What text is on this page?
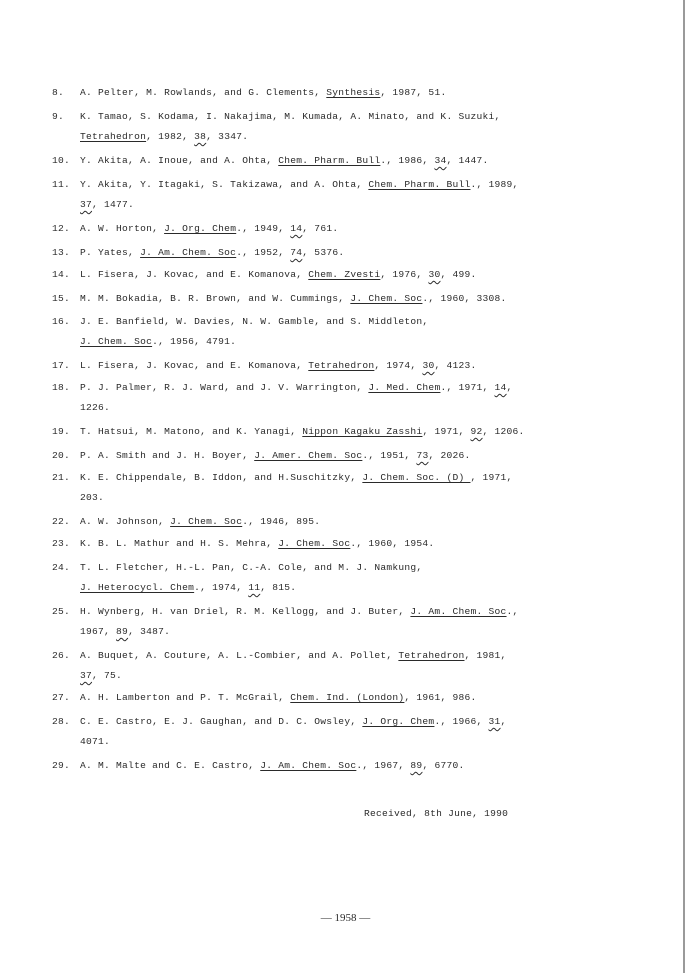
8. A. Pelter, M. Rowlands, and G. Clements, Synthesis, 1987, 51.
9. K. Tamao, S. Kodama, I. Nakajima, M. Kumada, A. Minato, and K. Suzuki,
Tetrahedron, 1982, 38, 3347.
10. Y. Akita, A. Inoue, and A. Ohta, Chem. Pharm. Bull., 1986, 34, 1447.
11. Y. Akita, Y. Itagaki, S. Takizawa, and A. Ohta, Chem. Pharm. Bull., 1989,
37, 1477.
12. A. W. Horton, J. Org. Chem., 1949, 14, 761.
13. P. Yates, J. Am. Chem. Soc., 1952, 74, 5376.
14. L. Fisera, J. Kovac, and E. Komanova, Chem. Zvesti, 1976, 30, 499.
15. M. M. Bokadia, B. R. Brown, and W. Cummings, J. Chem. Soc., 1960, 3308.
16. J. E. Banfield, W. Davies, N. W. Gamble, and S. Middleton,
J. Chem. Soc., 1956, 4791.
17. L. Fisera, J. Kovac, and E. Komanova, Tetrahedron, 1974, 30, 4123.
18. P. J. Palmer, R. J. Ward, and J. V. Warrington, J. Med. Chem., 1971, 14,
1226.
19. T. Hatsui, M. Matono, and K. Yanagi, Nippon Kagaku Zasshi, 1971, 92, 1206.
20. P. A. Smith and J. H. Boyer, J. Amer. Chem. Soc., 1951, 73, 2026.
21. K. E. Chippendale, B. Iddon, and H.Suschitzky, J. Chem. Soc. (D) , 1971,
203.
22. A. W. Johnson, J. Chem. Soc., 1946, 895.
23. K. B. L. Mathur and H. S. Mehra, J. Chem. Soc., 1960, 1954.
24. T. L. Fletcher, H.-L. Pan, C.-A. Cole, and M. J. Namkung,
J. Heterocycl. Chem., 1974, 11, 815.
25. H. Wynberg, H. van Driel, R. M. Kellogg, and J. Buter, J. Am. Chem. Soc.,
1967, 89, 3487.
26. A. Buquet, A. Couture, A. L.-Combier, and A. Pollet, Tetrahedron, 1981,
37, 75.
27. A. H. Lamberton and P. T. McGrail, Chem. Ind. (London), 1961, 986.
28. C. E. Castro, E. J. Gaughan, and D. C. Owsley, J. Org. Chem., 1966, 31,
4071.
29. A. M. Malte and C. E. Castro, J. Am. Chem. Soc., 1967, 89, 6770.
Received, 8th June, 1990
— 1958 —
